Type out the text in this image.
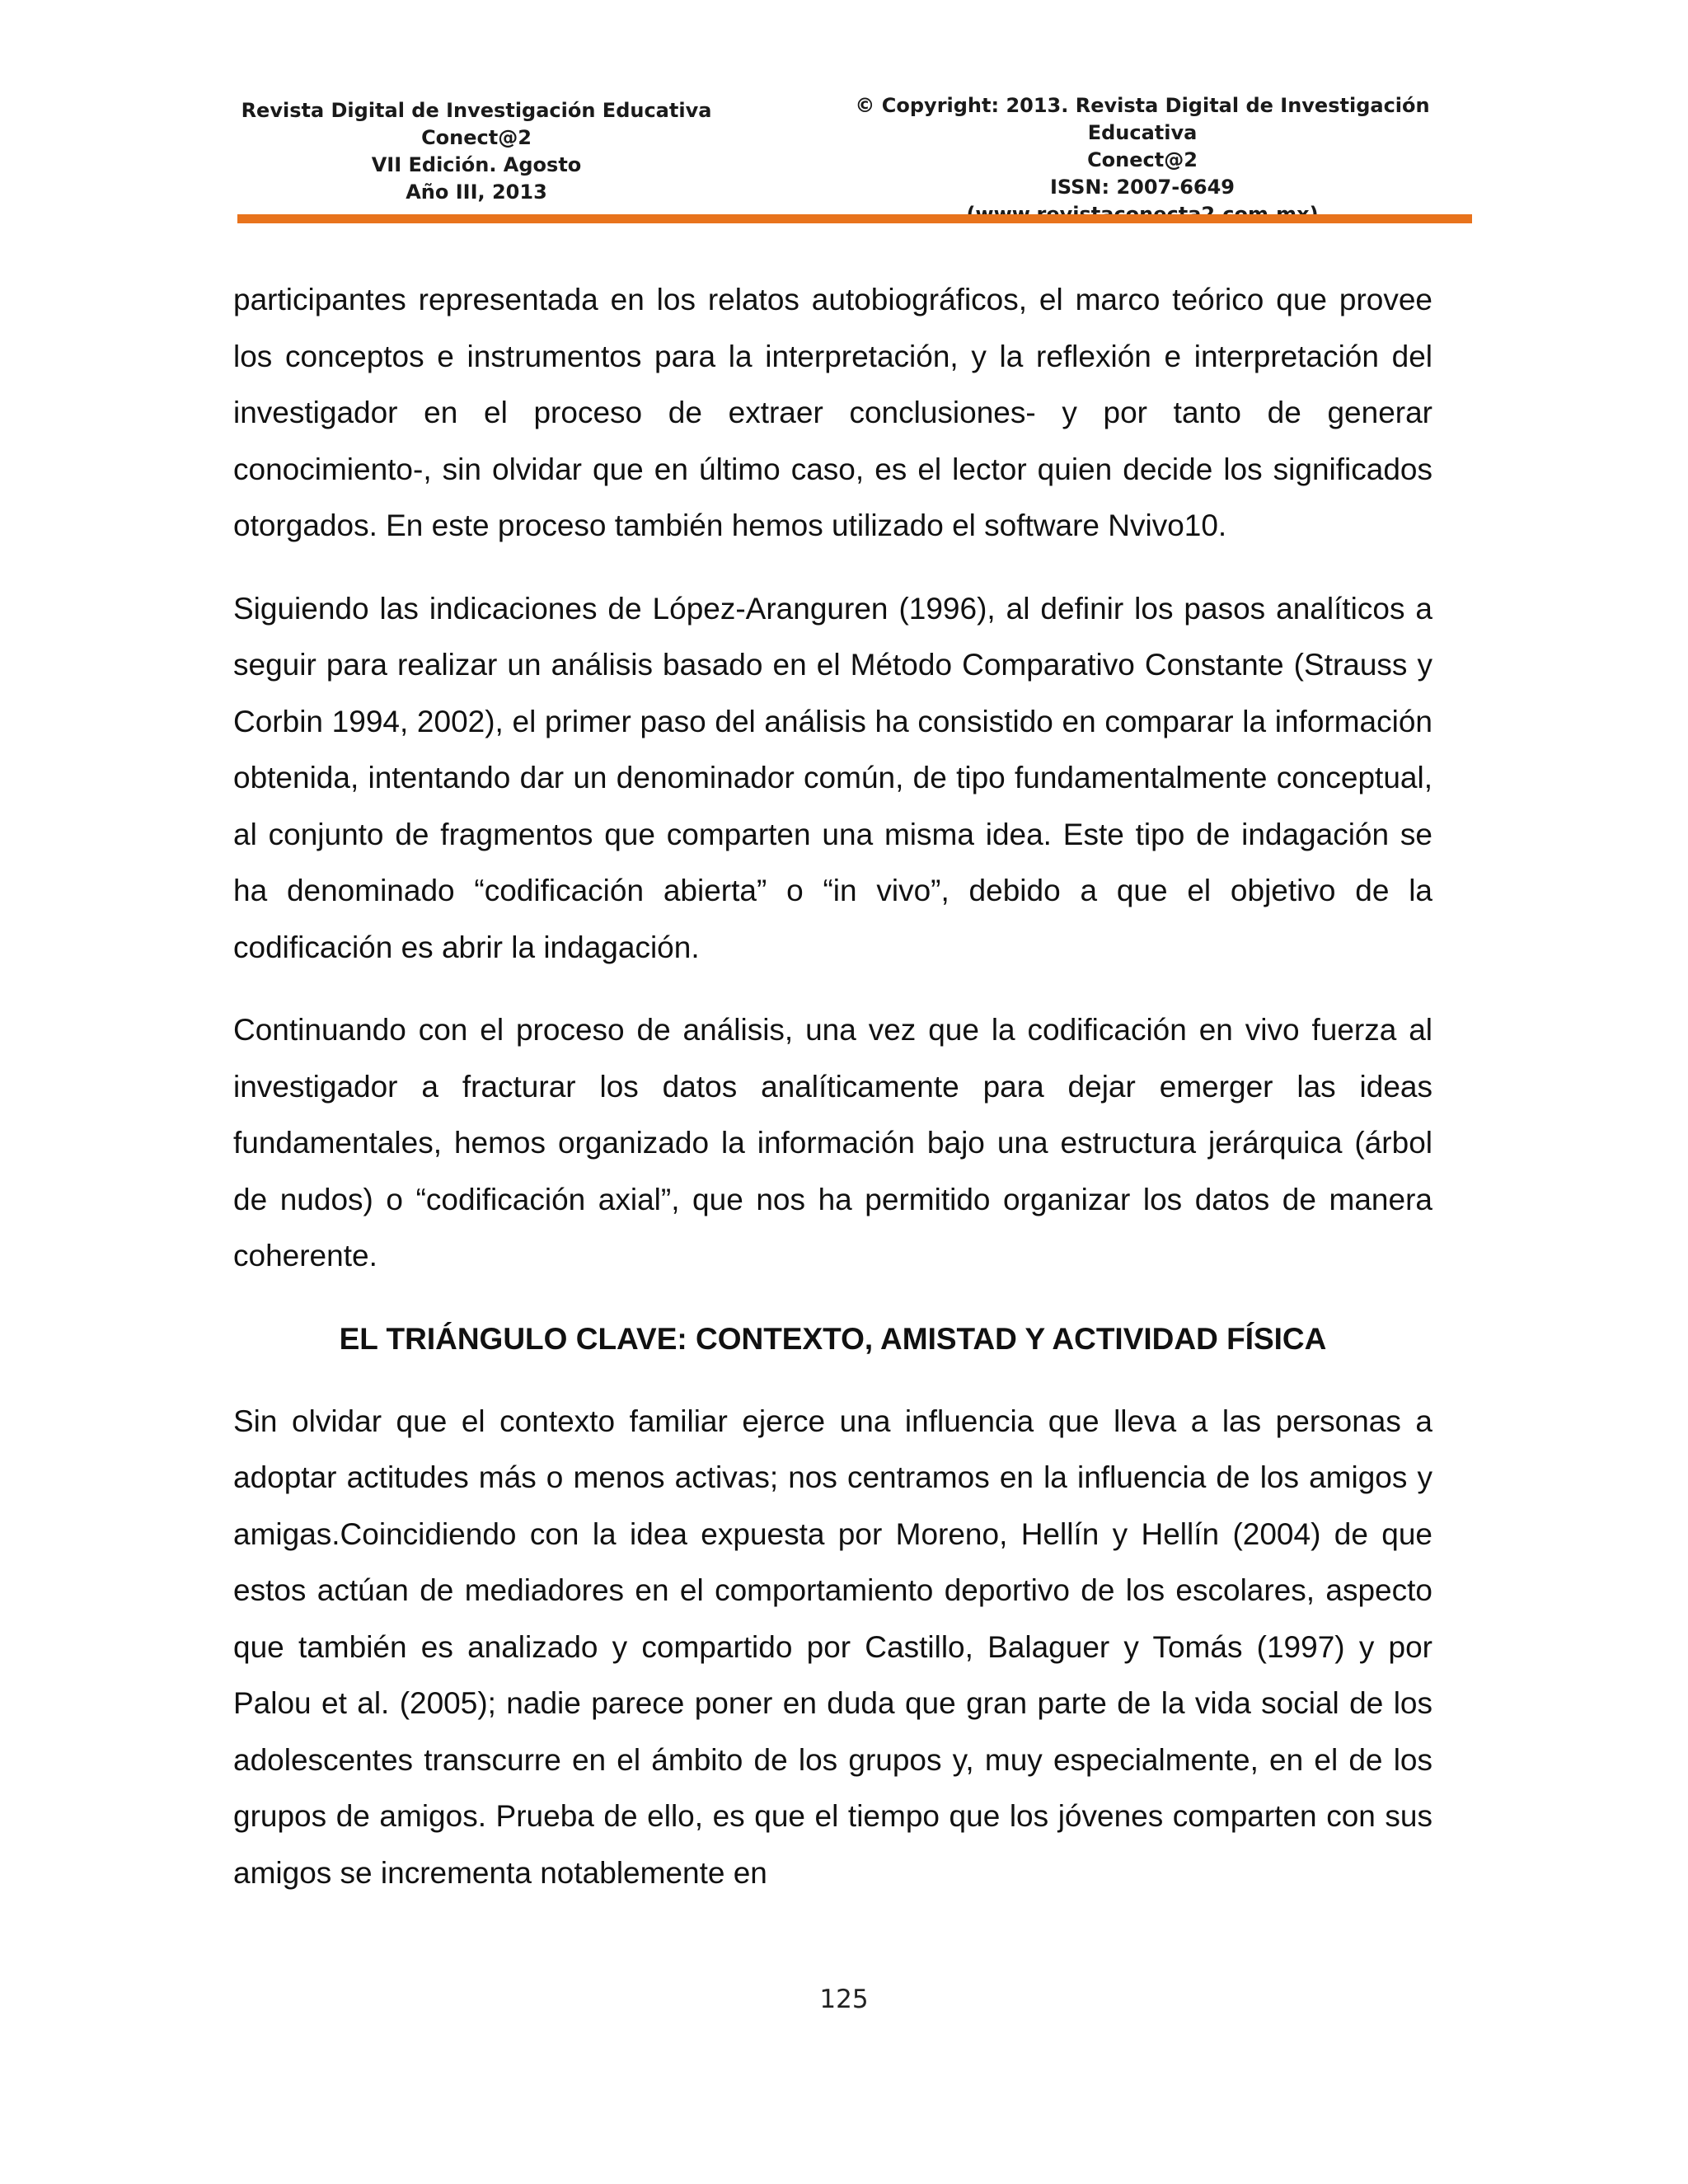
Revista Digital de Investigación Educativa
Conect@2
VII Edición. Agosto
Año III, 2013
© Copyright: 2013. Revista Digital de Investigación Educativa
Conect@2
ISSN: 2007-6649

participantes representada en los relatos autobiográficos, el marco teórico que provee los conceptos e instrumentos para la interpretación, y la reflexión e interpretación del investigador en el proceso de extraer conclusiones- y por tanto de generar conocimiento-, sin olvidar que en último caso, es el lector quien decide los significados otorgados. En este proceso también hemos utilizado el software Nvivo10.

Siguiendo las indicaciones de López-Aranguren (1996), al definir los pasos analíticos a seguir para realizar un análisis basado en el Método Comparativo Constante (Strauss y Corbin 1994, 2002), el primer paso del análisis ha consistido en comparar la información obtenida, intentando dar un denominador común, de tipo fundamentalmente conceptual, al conjunto de fragmentos que comparten una misma idea. Este tipo de indagación se ha denominado “codificación abierta” o “in vivo”, debido a que el objetivo de la codificación es abrir la indagación.

Continuando con el proceso de análisis, una vez que la codificación en vivo fuerza al investigador a fracturar los datos analíticamente para dejar emerger las ideas fundamentales, hemos organizado la información bajo una estructura jerárquica (árbol de nudos) o “codificación axial”, que nos ha permitido organizar los datos de manera coherente.

EL TRIÁNGULO CLAVE: CONTEXTO, AMISTAD Y ACTIVIDAD FÍSICA

Sin olvidar que el contexto familiar ejerce una influencia que lleva a las personas a adoptar actitudes más o menos activas; nos centramos en la influencia de los amigos y amigas.Coincidiendo con la idea expuesta por Moreno, Hellín y Hellín (2004) de que estos actúan de mediadores en el comportamiento deportivo de los escolares, aspecto que también es analizado y compartido por Castillo, Balaguer y Tomás (1997) y por Palou et al. (2005); nadie parece poner en duda que gran parte de la vida social de los adolescentes transcurre en el ámbito de los grupos y, muy especialmente, en el de los grupos de amigos. Prueba de ello, es que el tiempo que los jóvenes comparten con sus amigos se incrementa notablemente en

125
